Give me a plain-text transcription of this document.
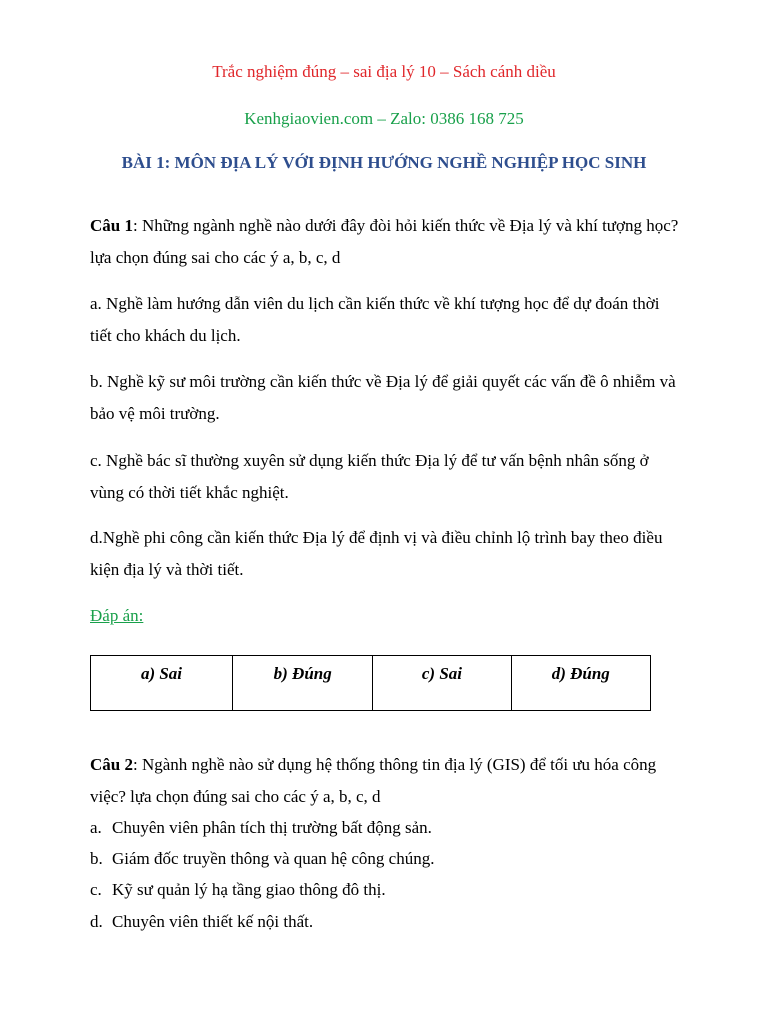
Trắc nghiệm đúng – sai địa lý 10 – Sách cánh diều
Kenhgiaovien.com – Zalo: 0386 168 725
BÀI 1: MÔN ĐỊA LÝ VỚI ĐỊNH HƯỚNG NGHỀ NGHIỆP HỌC SINH
Câu 1: Những ngành nghề nào dưới đây đòi hỏi kiến thức về Địa lý và khí tượng học?lựa chọn đúng sai cho các ý a, b, c, d
a. Nghề làm hướng dẫn viên du lịch cần kiến thức về khí tượng học để dự đoán thời tiết cho khách du lịch.
b. Nghề kỹ sư môi trường cần kiến thức về Địa lý để giải quyết các vấn đề ô nhiễm và bảo vệ môi trường.
c. Nghề bác sĩ thường xuyên sử dụng kiến thức Địa lý để tư vấn bệnh nhân sống ở vùng có thời tiết khắc nghiệt.
d.Nghề phi công cần kiến thức Địa lý để định vị và điều chỉnh lộ trình bay theo điều kiện địa lý và thời tiết.
Đáp án:
a) Sai	b) Đúng	c) Sai	d) Đúng
Câu 2: Ngành nghề nào sử dụng hệ thống thông tin địa lý (GIS) để tối ưu hóa công việc? lựa chọn đúng sai cho các ý a, b, c, d
a. Chuyên viên phân tích thị trường bất động sản.
b. Giám đốc truyền thông và quan hệ công chúng.
c. Kỹ sư quản lý hạ tầng giao thông đô thị.
d. Chuyên viên thiết kế nội thất.
